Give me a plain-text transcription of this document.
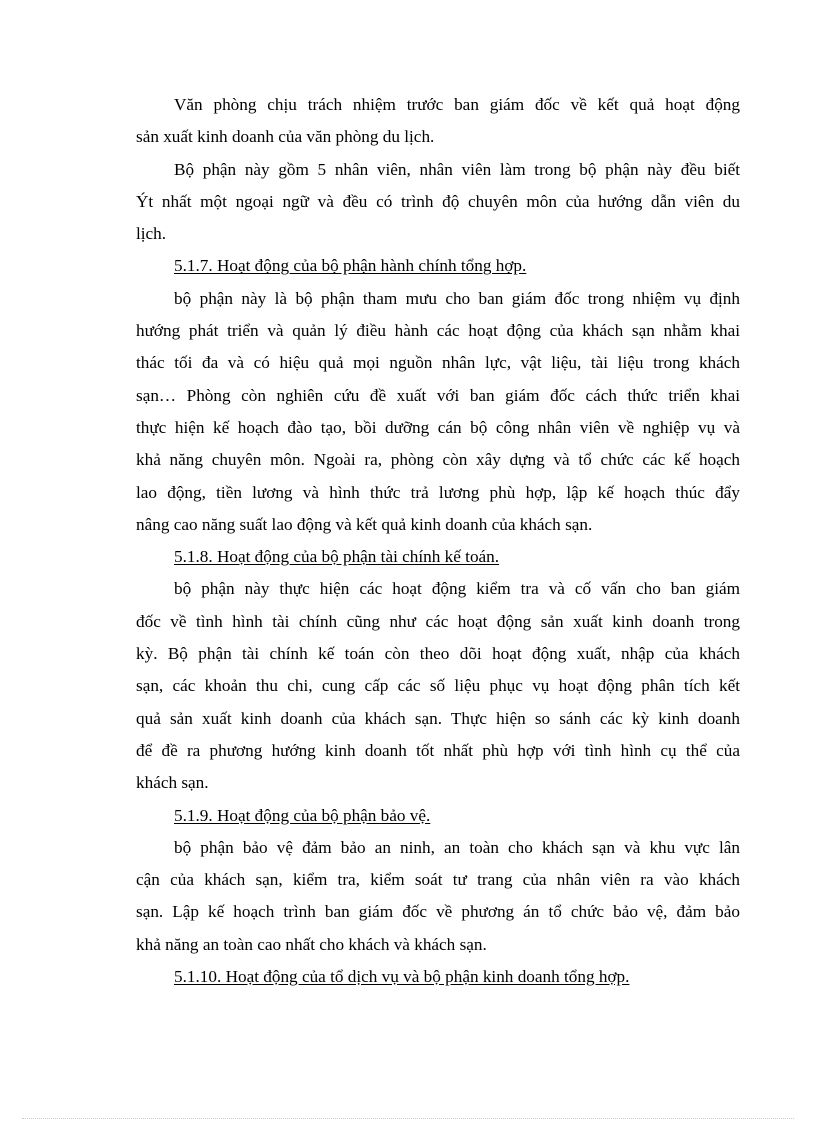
Văn phòng chịu trách nhiệm trước ban giám đốc về kết quả hoạt động
sản xuất kinh doanh của văn phòng du lịch.
Bộ phận này gồm 5 nhân viên, nhân viên làm trong bộ phận này đều biết
Ýt nhất một ngoại ngữ và đều có trình độ chuyên môn của hướng dẫn viên du
lịch.
5.1.7. Hoạt động của bộ phận hành chính tổng hợp.
bộ phận này là bộ phận tham mưu cho ban giám đốc trong nhiệm vụ định
hướng phát triển và quản lý điều hành các hoạt động của khách sạn nhằm khai
thác tối đa và có hiệu quả mọi nguồn nhân lực, vật liệu, tài liệu trong khách
sạn… Phòng còn nghiên cứu đề xuất với ban giám đốc cách thức triển khai
thực hiện kế hoạch đào tạo, bồi dưỡng cán bộ công nhân viên về nghiệp vụ và
khả năng chuyên môn. Ngoài ra, phòng còn xây dựng và tổ chức các kế hoạch
lao động, tiền lương và hình thức trả lương phù hợp, lập kế hoạch thúc đẩy
nâng cao năng suất lao động và kết quả kinh doanh của khách sạn.
5.1.8. Hoạt động của bộ phận tài chính kế toán.
bộ phận này thực hiện các hoạt động kiểm tra và cố vấn cho ban giám
đốc về tình hình tài chính cũng như các hoạt động sản xuất kinh doanh trong
kỳ. Bộ phận tài chính kế toán còn theo dõi hoạt động xuất, nhập của khách
sạn, các khoản thu chi, cung cấp các số liệu phục vụ hoạt động phân tích kết
quả sản xuất kinh doanh của khách sạn. Thực hiện so sánh các kỳ kinh doanh
để đề ra phương hướng kinh doanh tốt nhất phù hợp với tình hình cụ thể của
khách sạn.
5.1.9. Hoạt động của bộ phận bảo vệ.
bộ phận bảo vệ đảm bảo an ninh, an toàn cho khách sạn và khu vực lân
cận của khách sạn, kiểm tra, kiểm soát tư trang của nhân viên ra vào khách
sạn. Lập kế hoạch trình ban giám đốc về phương án tổ chức bảo vệ, đảm bảo
khả năng an toàn cao nhất cho khách và khách sạn.
5.1.10. Hoạt động của tổ dịch vụ và bộ phận kinh doanh tổng hợp.
